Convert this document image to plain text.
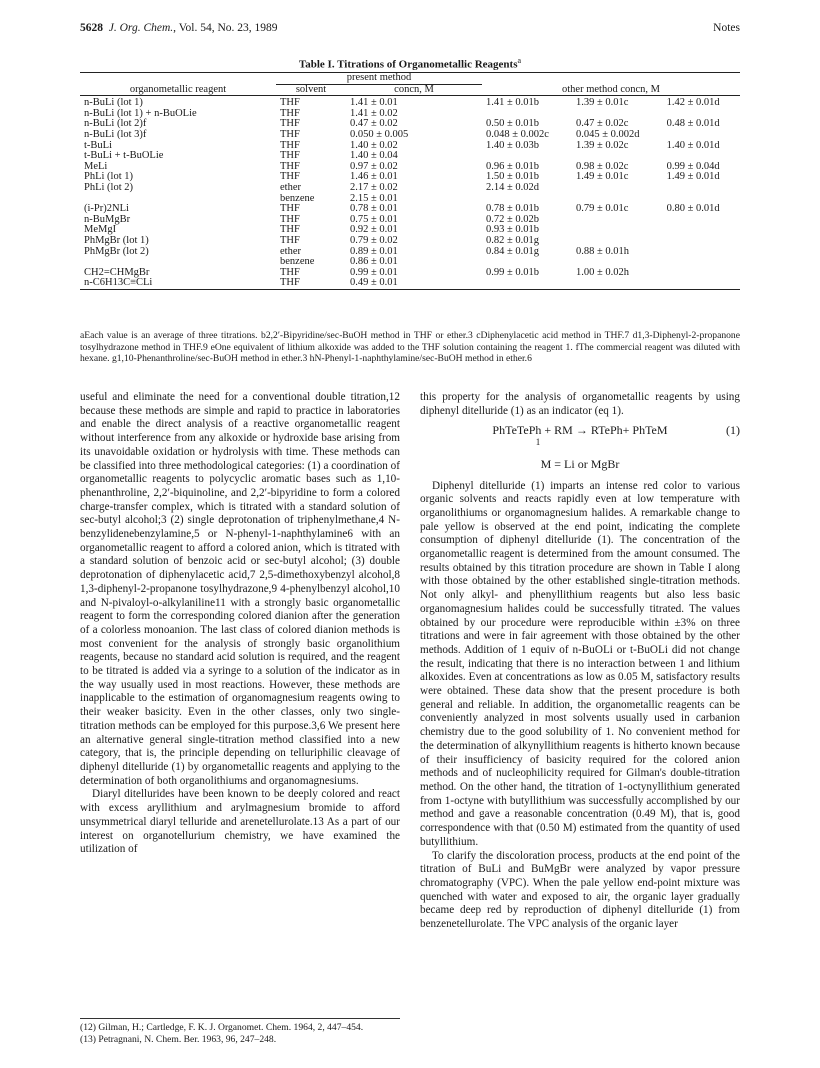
5628 J. Org. Chem., Vol. 54, No. 23, 1989	Notes
Table I. Titrations of Organometallic Reagents$^a$
organometallic reagent	present method		other method concn, M		
	solvent	concn, M			
n-BuLi (lot 1)	THF	1.41 ± 0.01	1.41 ± 0.01b	1.39 ± 0.01c	1.42 ± 0.01d
n-BuLi (lot 1) + n-BuOLie	THF	1.41 ± 0.02			
n-BuLi (lot 2)f	THF	0.47 ± 0.02	0.50 ± 0.01b	0.47 ± 0.02c	0.48 ± 0.01d
n-BuLi (lot 3)f	THF	0.050 ± 0.005	0.048 ± 0.002c	0.045 ± 0.002d	
t-BuLi	THF	1.40 ± 0.02	1.40 ± 0.03b	1.39 ± 0.02c	1.40 ± 0.01d
t-BuLi + t-BuOLie	THF	1.40 ± 0.04			
MeLi	THF	0.97 ± 0.02	0.96 ± 0.01b	0.98 ± 0.02c	0.99 ± 0.04d
PhLi (lot 1)	THF	1.46 ± 0.01	1.50 ± 0.01b	1.49 ± 0.01c	1.49 ± 0.01d
PhLi (lot 2)	ether	2.17 ± 0.02	2.14 ± 0.02d		
	benzene	2.15 ± 0.01			
(i-Pr)2NLi	THF	0.78 ± 0.01	0.78 ± 0.01b	0.79 ± 0.01c	0.80 ± 0.01d
n-BuMgBr	THF	0.75 ± 0.01	0.72 ± 0.02b		
MeMgI	THF	0.92 ± 0.01	0.93 ± 0.01b		
PhMgBr (lot 1)	THF	0.79 ± 0.02	0.82 ± 0.01g		
PhMgBr (lot 2)	ether	0.89 ± 0.01	0.84 ± 0.01g	0.88 ± 0.01h	
	benzene	0.86 ± 0.01			
CH2=CHMgBr	THF	0.99 ± 0.01	0.99 ± 0.01b	1.00 ± 0.02h	
n-C6H13C≡CLi	THF	0.49 ± 0.01			
aEach value is an average of three titrations. b2,2′-Bipyridine/sec-BuOH method in THF or ether.3 cDiphenylacetic acid method in THF.7 d1,3-Diphenyl-2-propanone tosylhydrazone method in THF.9 eOne equivalent of lithium alkoxide was added to the THF solution containing the reagent 1. fThe commercial reagent was diluted with hexane. g1,10-Phenanthroline/sec-BuOH method in ether.3 hN-Phenyl-1-naphthylamine/sec-BuOH method in ether.6

useful and eliminate the need for a conventional double titration,12 because these methods are simple and rapid to practice in laboratories and enable the direct analysis of a reactive organometallic reagent without interference from any alkoxide or hydroxide base arising from its unavoidable oxidation or hydrolysis with time. These methods can be classified into three methodological categories: (1) a coordination of organometallic reagents to polycyclic aromatic bases such as 1,10-phenanthroline, 2,2′-biquinoline, and 2,2′-bipyridine to form a colored charge-transfer complex, which is titrated with a standard solution of sec-butyl alcohol;3 (2) single deprotonation of triphenylmethane,4 N-benzylidenebenzylamine,5 or N-phenyl-1-naphthylamine6 with an organometallic reagent to afford a colored anion, which is titrated with a standard solution of benzoic acid or sec-butyl alcohol; (3) double deprotonation of diphenylacetic acid,7 2,5-dimethoxybenzyl alcohol,8 1,3-diphenyl-2-propanone tosylhydrazone,9 4-phenylbenzyl alcohol,10 and N-pivaloyl-o-alkylaniline11 with a strongly basic organometallic reagent to form the corresponding colored dianion after the generation of a colorless monoanion. The last class of colored dianion methods is most convenient for the analysis of strongly basic organolithium reagents, because no standard acid solution is required, and the reagent to be titrated is added via a syringe to a solution of the indicator as in the way usually used in most reactions. However, these methods are inapplicable to the estimation of organomagnesium reagents owing to their weaker basicity. Even in the other classes, only two single-titration methods can be employed for this purpose.3,6 We present here an alternative general single-titration method classified into a new category, that is, the principle depending on telluriphilic cleavage of diphenyl ditelluride (1) by organometallic reagents and applying to the determination of both organolithiums and organomagnesiums.

Diaryl ditellurides have been known to be deeply colored and react with excess aryllithium and arylmagnesium bromide to afford unsymmetrical diaryl telluride and arenetellurolate.13 As a part of our interest on organotellurium chemistry, we have examined the utilization of

this property for the analysis of organometallic reagents by using diphenyl ditelluride (1) as an indicator (eq 1).

PhTeTePh + RM → RTePh+ PhTeM	(1)
1
M = Li or MgBr

Diphenyl ditelluride (1) imparts an intense red color to various organic solvents and reacts rapidly even at low temperature with organolithiums or organomagnesium halides. A remarkable change to pale yellow is observed at the end point, indicating the complete consumption of diphenyl ditelluride (1). The concentration of the organometallic reagent is determined from the amount consumed. The results obtained by this titration procedure are shown in Table I along with those obtained by the other established single-titration methods. Not only alkyl- and phenyllithium reagents but also less basic organomagnesium halides could be successfully titrated. The values obtained by our procedure were reproducible within ±3% on three titrations and were in fair agreement with those obtained by the other methods. Addition of 1 equiv of n-BuOLi or t-BuOLi did not change the result, indicating that there is no interaction between 1 and lithium alkoxides. Even at concentrations as low as 0.05 M, satisfactory results were obtained. These data show that the present procedure is both general and reliable. In addition, the organometallic reagents can be conveniently analyzed in most solvents usually used in carbanion chemistry due to the good solubility of 1. No convenient method for the determination of alkynyllithium reagents is hitherto known because of their insufficiency of basicity required for the colored anion methods and of nucleophilicity required for Gilman's double-titration method. On the other hand, the titration of 1-octynyllithium generated from 1-octyne with butyllithium was successfully accomplished by our method and gave a reasonable concentration (0.49 M), that is, good correspondence with that (0.50 M) estimated from the quantity of used butyllithium.

To clarify the discoloration process, products at the end point of the titration of BuLi and BuMgBr were analyzed by vapor pressure chromatography (VPC). When the pale yellow end-point mixture was quenched with water and exposed to air, the organic layer gradually became deep red by reproduction of diphenyl ditelluride (1) from benzenetellurolate. The VPC analysis of the organic layer

(12) Gilman, H.; Cartledge, F. K. J. Organomet. Chem. 1964, 2, 447–454.
(13) Petragnani, N. Chem. Ber. 1963, 96, 247–248.
